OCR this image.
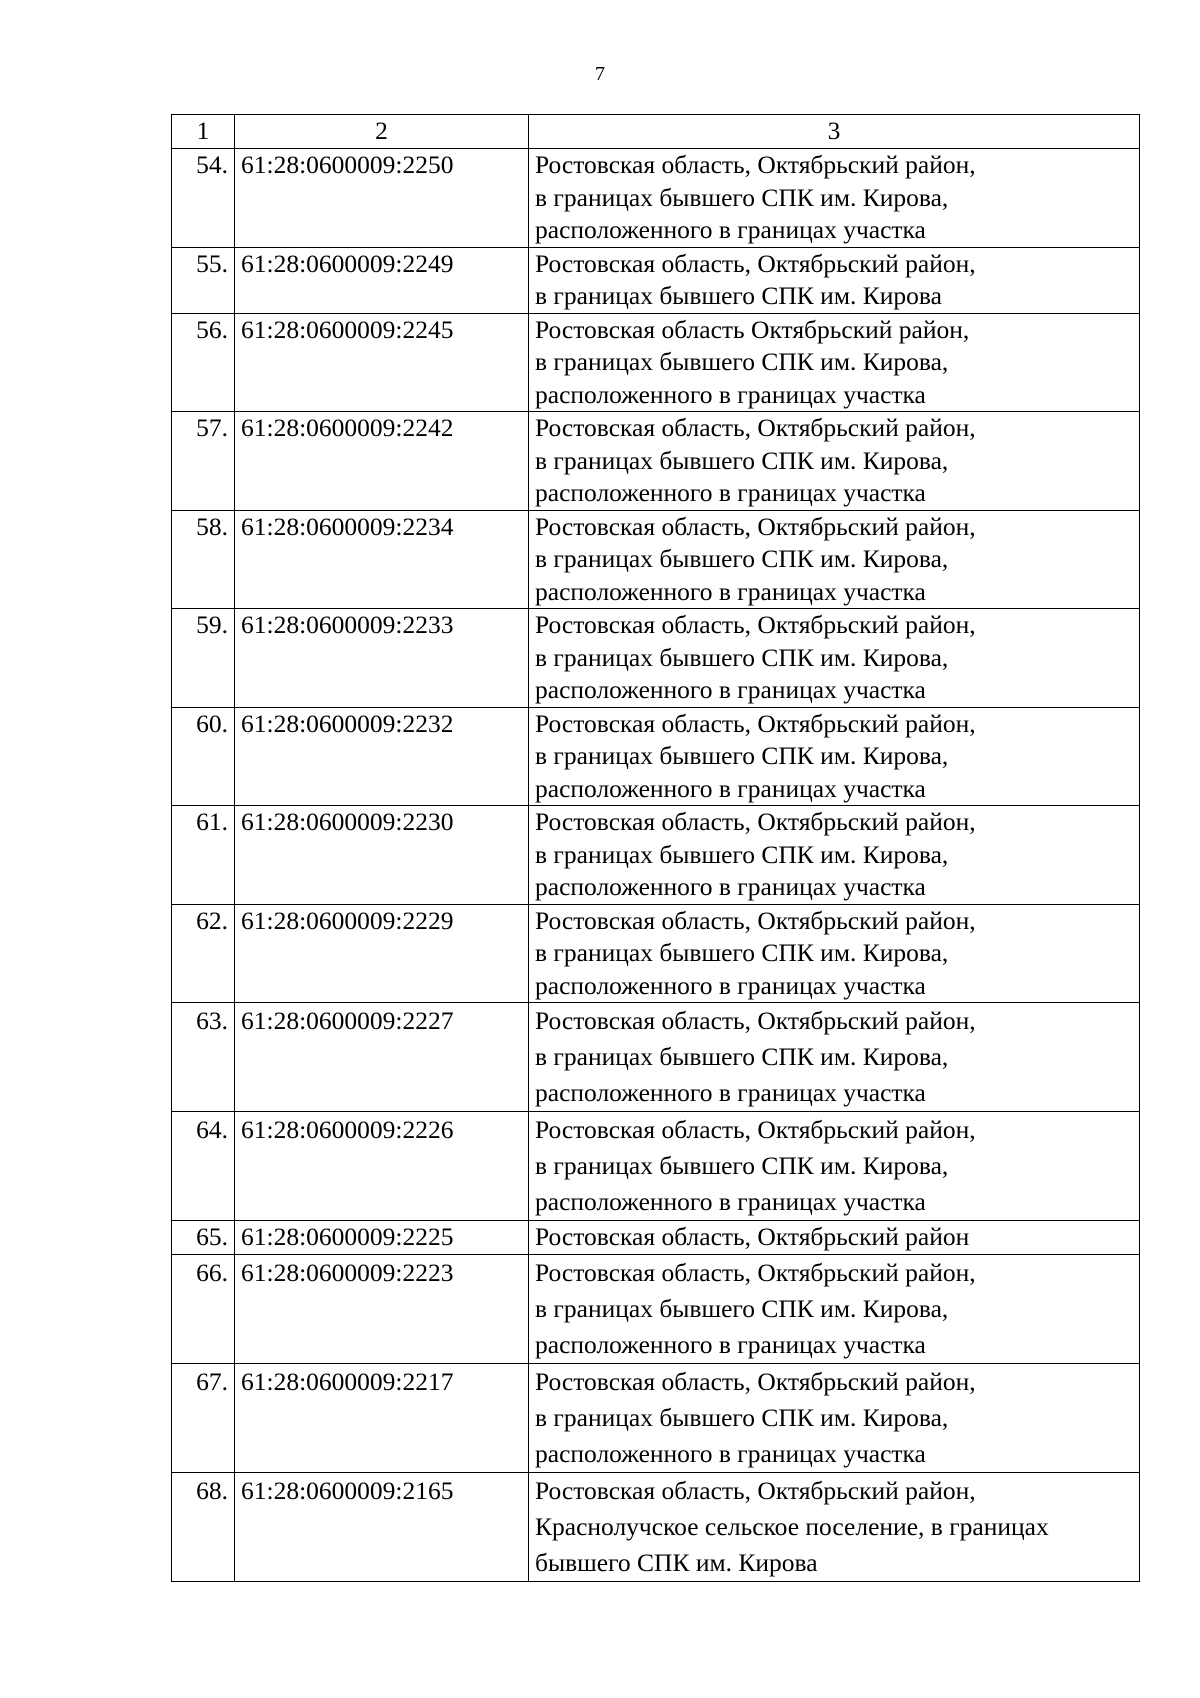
7
1	2	3
54.	61:28:0600009:2250	Ростовская область, Октябрьский район,
в границах бывшего СПК им. Кирова,
расположенного в границах участка

55.	61:28:0600009:2249	Ростовская область, Октябрьский район,
в границах бывшего СПК им. Кирова

56.	61:28:0600009:2245	Ростовская область Октябрьский район,
в границах бывшего СПК им. Кирова,
расположенного в границах участка

57.	61:28:0600009:2242	Ростовская область, Октябрьский район,
в границах бывшего СПК им. Кирова,
расположенного в границах участка

58.	61:28:0600009:2234	Ростовская область, Октябрьский район,
в границах бывшего СПК им. Кирова,
расположенного в границах участка

59.	61:28:0600009:2233	Ростовская область, Октябрьский район,
в границах бывшего СПК им. Кирова,
расположенного в границах участка

60.	61:28:0600009:2232	Ростовская область, Октябрьский район,
в границах бывшего СПК им. Кирова,
расположенного в границах участка

61.	61:28:0600009:2230	Ростовская область, Октябрьский район,
в границах бывшего СПК им. Кирова,
расположенного в границах участка

62.	61:28:0600009:2229	Ростовская область, Октябрьский район,
в границах бывшего СПК им. Кирова,
расположенного в границах участка

63.	61:28:0600009:2227	Ростовская область, Октябрьский район,
в границах бывшего СПК им. Кирова,
расположенного в границах участка

64.	61:28:0600009:2226	Ростовская область, Октябрьский район,
в границах бывшего СПК им. Кирова,
расположенного в границах участка

65.	61:28:0600009:2225	Ростовская область, Октябрьский район

66.	61:28:0600009:2223	Ростовская область, Октябрьский район,
в границах бывшего СПК им. Кирова,
расположенного в границах участка

67.	61:28:0600009:2217	Ростовская область, Октябрьский район,
в границах бывшего СПК им. Кирова,
расположенного в границах участка

68.	61:28:0600009:2165	Ростовская область, Октябрьский район,
Краснолучское сельское поселение, в границах
бывшего СПК им. Кирова
